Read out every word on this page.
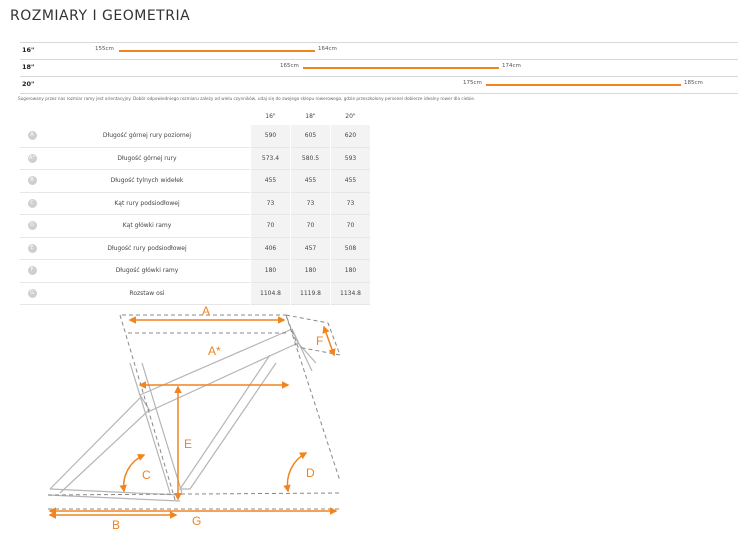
ROZMIARY I GEOMETRIA
16"	155cm	164cm
18"	165cm	174cm
20"	175cm	185cm
Sugerowany przez nas rozmiar ramy jest orientacyjny. Dobór odpowiedniego rozmiaru zależy od wielu czynników, udaj się do swojego sklepu rowerowego, gdzie przeszkolony personel dobierze idealny rower dla ciebie.
		16"	18"	20"
A	Długość górnej rury poziomej	590	605	620
A*	Długość górnej rury	573.4	580.5	593
B	Długość tylnych widełek	455	455	455
C	Kąt rury podsiodłowej	73	73	73
D	Kąt główki ramy	70	70	70
E	Długość rury podsiodłowej	406	457	508
F	Długość główki ramy	180	180	180
G	Rozstaw osi	1104.8	1119.8	1134.8
A
A*
B
C	D
E
F
G
